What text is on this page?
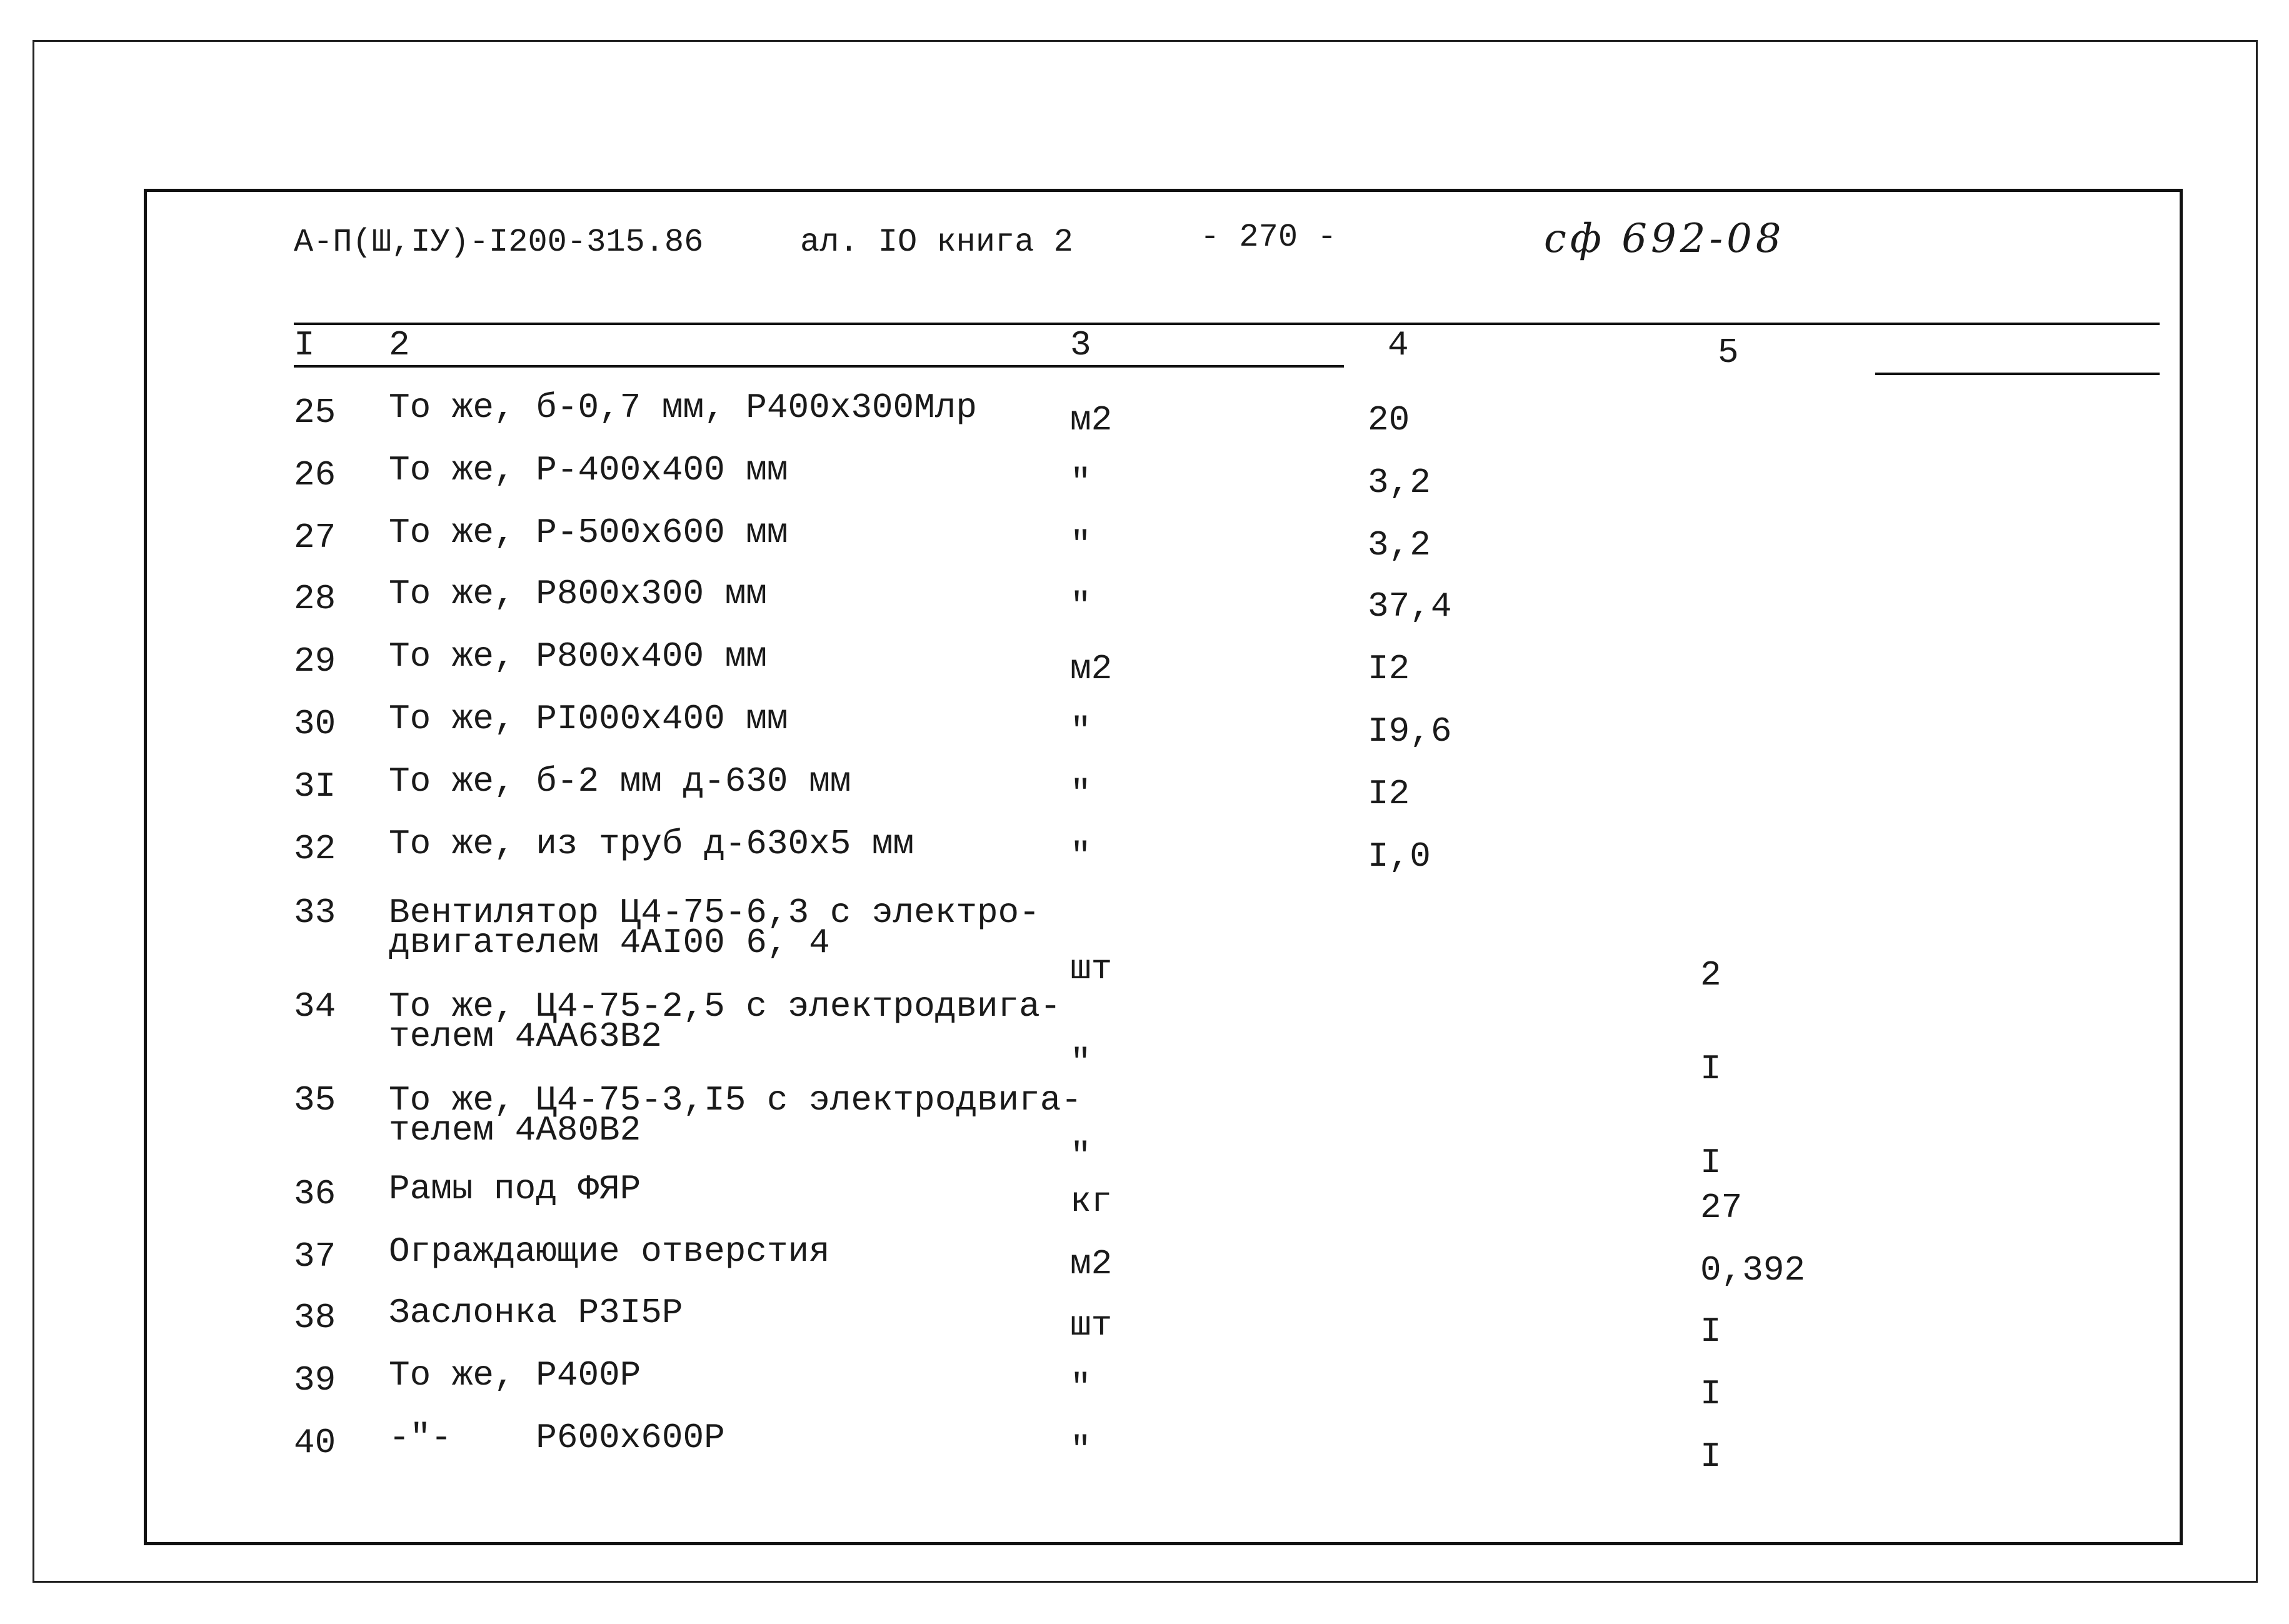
А-П(Ш,IУ)-I200-315.86	ал. IO книга 2	- 270 -	сф 692-08
I 2	3	4	5
25 То же, б-0,7 мм, Р400х300Млр	м2	20
26 То же, Р-400х400 мм	"	3,2
27 То же, Р-500х600 мм	"	3,2
28 То же, Р800х300 мм	"	37,4
29 То же, Р800х400 мм	м2	I2
30 То же, РI000х400 мм	"	I9,6
3I То же, б-2 мм д-630 мм	"	I2
32 То же, из труб д-630х5 мм	"	I,0
33 Вентилятор Ц4-75-6,3 с электро-
двигателем 4АI00 6, 4
шт	2
34 То же, Ц4-75-2,5 с электродвига-
телем 4АА63В2
"	I
35 То же, Ц4-75-3,I5 с электродвига-
телем 4А80В2
"	I
36 Рамы под ФЯР	кг	27
37 Ограждающие отверстия	м2	0,392
38 Заслонка Р3I5Р	шт	I
39 То же, Р400Р	"	I
40 -"-    Р600х600Р	"	I
